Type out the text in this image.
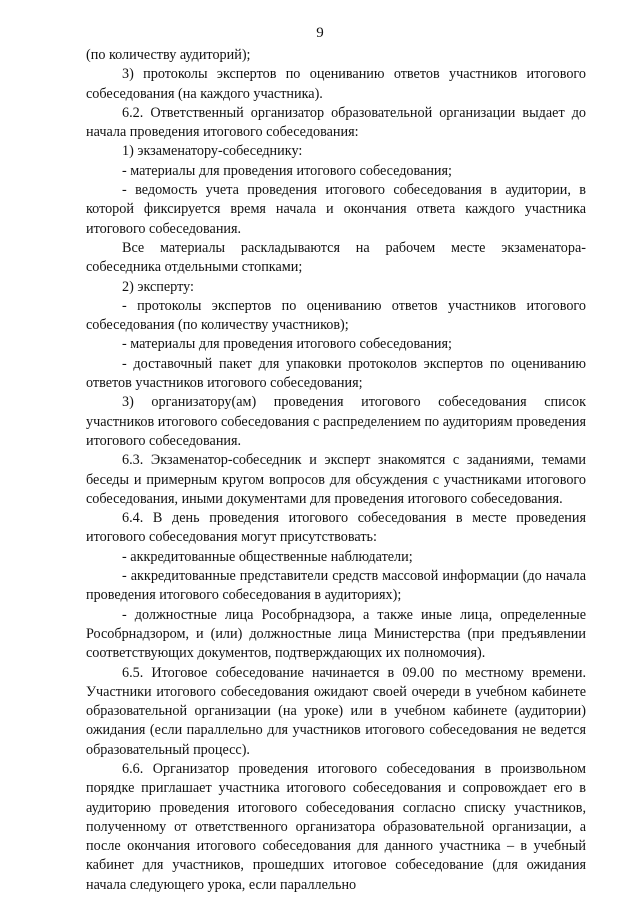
9

(по количеству аудиторий);

3) протоколы экспертов по оцениванию ответов участников итогового собеседования (на каждого участника).

6.2. Ответственный организатор образовательной организации выдает до начала проведения итогового собеседования:

1) экзаменатору-собеседнику:

- материалы для проведения итогового собеседования;

- ведомость учета проведения итогового собеседования в аудитории, в которой фиксируется время начала и окончания ответа каждого участника итогового собеседования.

Все материалы раскладываются на рабочем месте экзаменатора-собеседника отдельными стопками;

2) эксперту:

- протоколы экспертов по оцениванию ответов участников итогового собеседования (по количеству участников);

- материалы для проведения итогового собеседования;

- доставочный пакет для упаковки протоколов экспертов по оцениванию ответов участников итогового собеседования;

3) организатору(ам) проведения итогового собеседования список участников итогового собеседования с распределением по аудиториям проведения итогового собеседования.

6.3. Экзаменатор-собеседник и эксперт знакомятся с заданиями, темами беседы и примерным кругом вопросов для обсуждения с участниками итогового собеседования, иными документами для проведения итогового собеседования.

6.4. В день проведения итогового собеседования в месте проведения итогового собеседования могут присутствовать:

- аккредитованные общественные наблюдатели;

- аккредитованные представители средств массовой информации (до начала проведения итогового собеседования в аудиториях);

- должностные лица Рособрнадзора, а также иные лица, определенные Рособрнадзором, и (или) должностные лица Министерства (при предъявлении соответствующих документов, подтверждающих их полномочия).

6.5. Итоговое собеседование начинается в 09.00 по местному времени. Участники итогового собеседования ожидают своей очереди в учебном кабинете образовательной организации (на уроке) или в учебном кабинете (аудитории) ожидания (если параллельно для участников итогового собеседования не ведется образовательный процесс).

6.6. Организатор проведения итогового собеседования в произвольном порядке приглашает участника итогового собеседования и сопровождает его в аудиторию проведения итогового собеседования согласно списку участников, полученному от ответственного организатора образовательной организации, а после окончания итогового собеседования для данного участника – в учебный кабинет для участников, прошедших итоговое собеседование (для ожидания начала следующего урока, если параллельно
